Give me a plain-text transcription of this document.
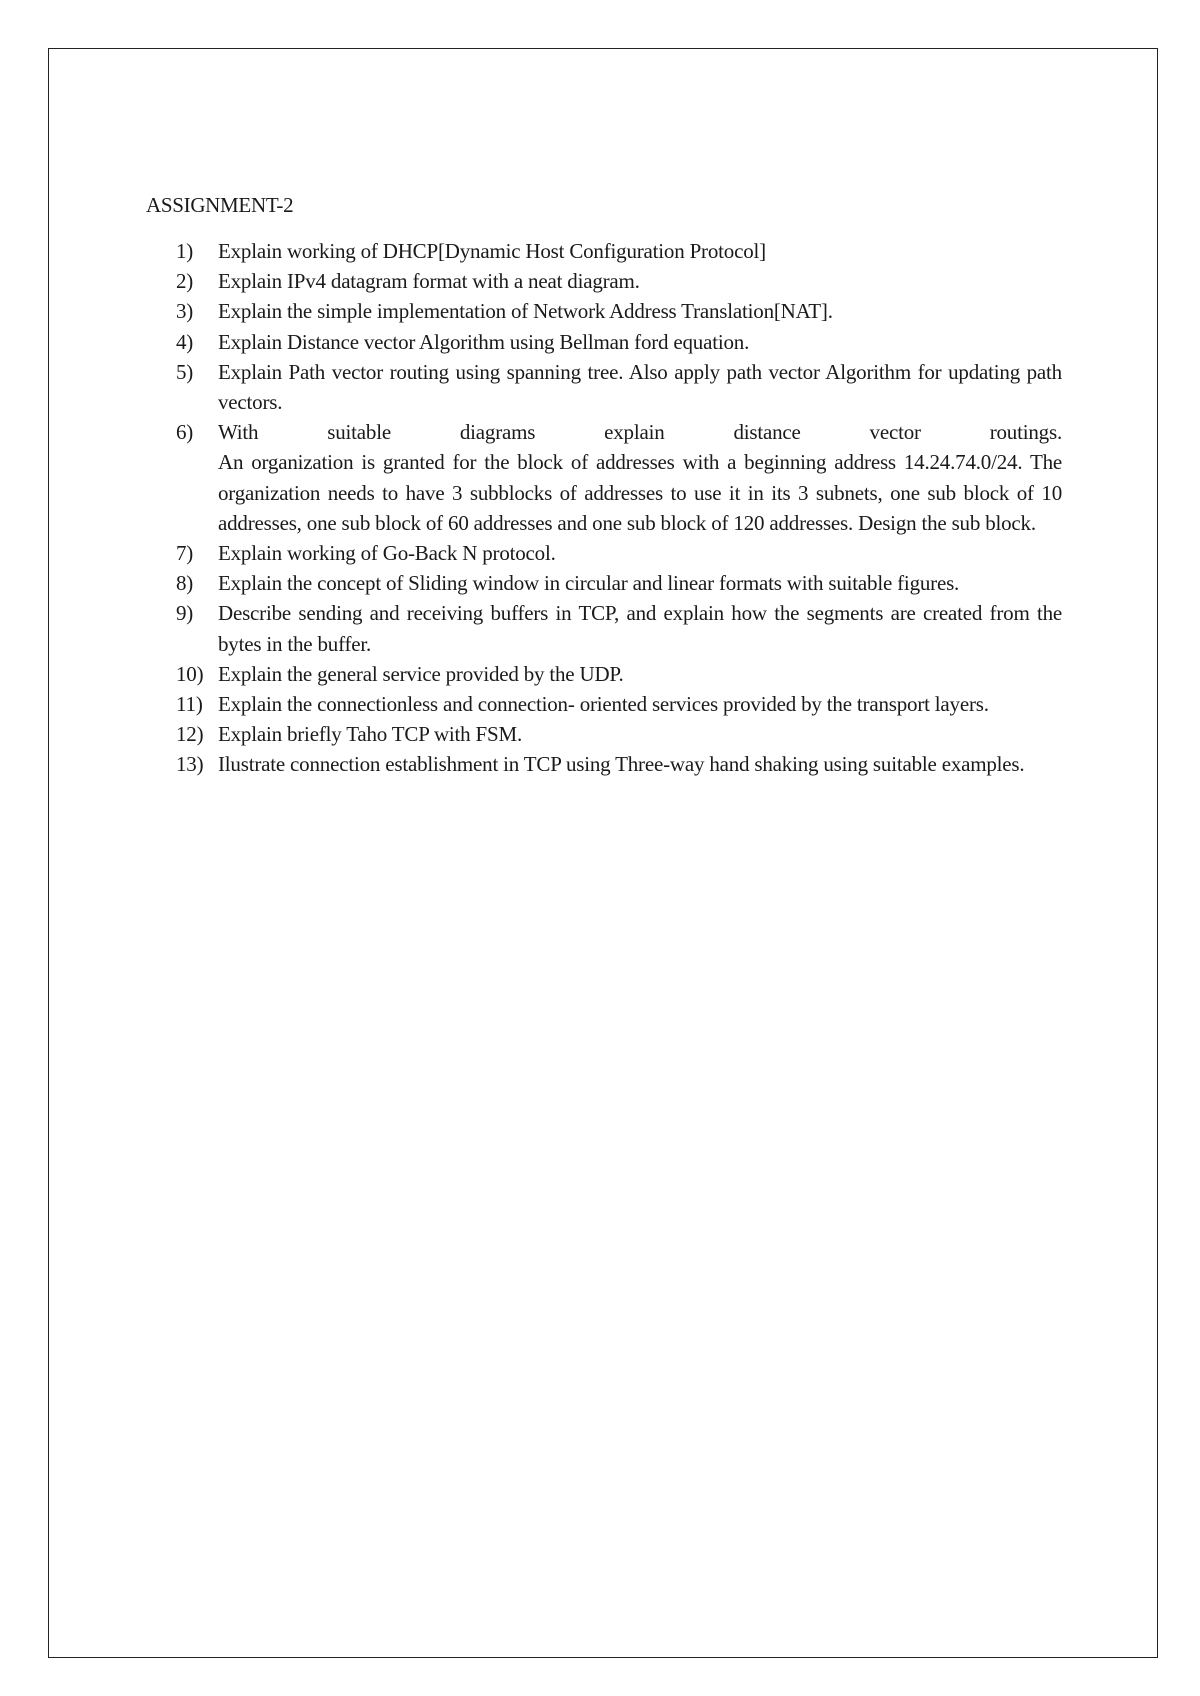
ASSIGNMENT-2
1)	Explain working of DHCP[Dynamic Host Configuration Protocol]
2)	Explain IPv4 datagram format with a neat diagram.
3)	Explain the simple implementation of Network Address Translation[NAT].
4)	Explain Distance vector Algorithm using Bellman ford equation.
5)	Explain Path vector routing using spanning tree. Also apply path vector Algorithm for updating path vectors.
6)	With suitable diagrams explain distance vector routings.
An organization is granted for the block of addresses with a beginning address 14.24.74.0/24. The organization needs to have 3 subblocks of addresses to use it in its 3 subnets, one sub block of 10 addresses, one sub block of 60 addresses and one sub block of 120 addresses. Design the sub block.
7)	Explain working of Go-Back N protocol.
8)	Explain the concept of Sliding window in circular and linear formats with suitable figures.
9)	Describe sending and receiving buffers in TCP, and explain how the segments are created from the bytes in the buffer.
10) Explain the general service provided by the UDP.
11) Explain the connectionless and connection- oriented services provided by the transport layers.
12) Explain briefly Taho TCP with FSM.
13) Ilustrate connection establishment in TCP using Three-way hand shaking using suitable examples.
